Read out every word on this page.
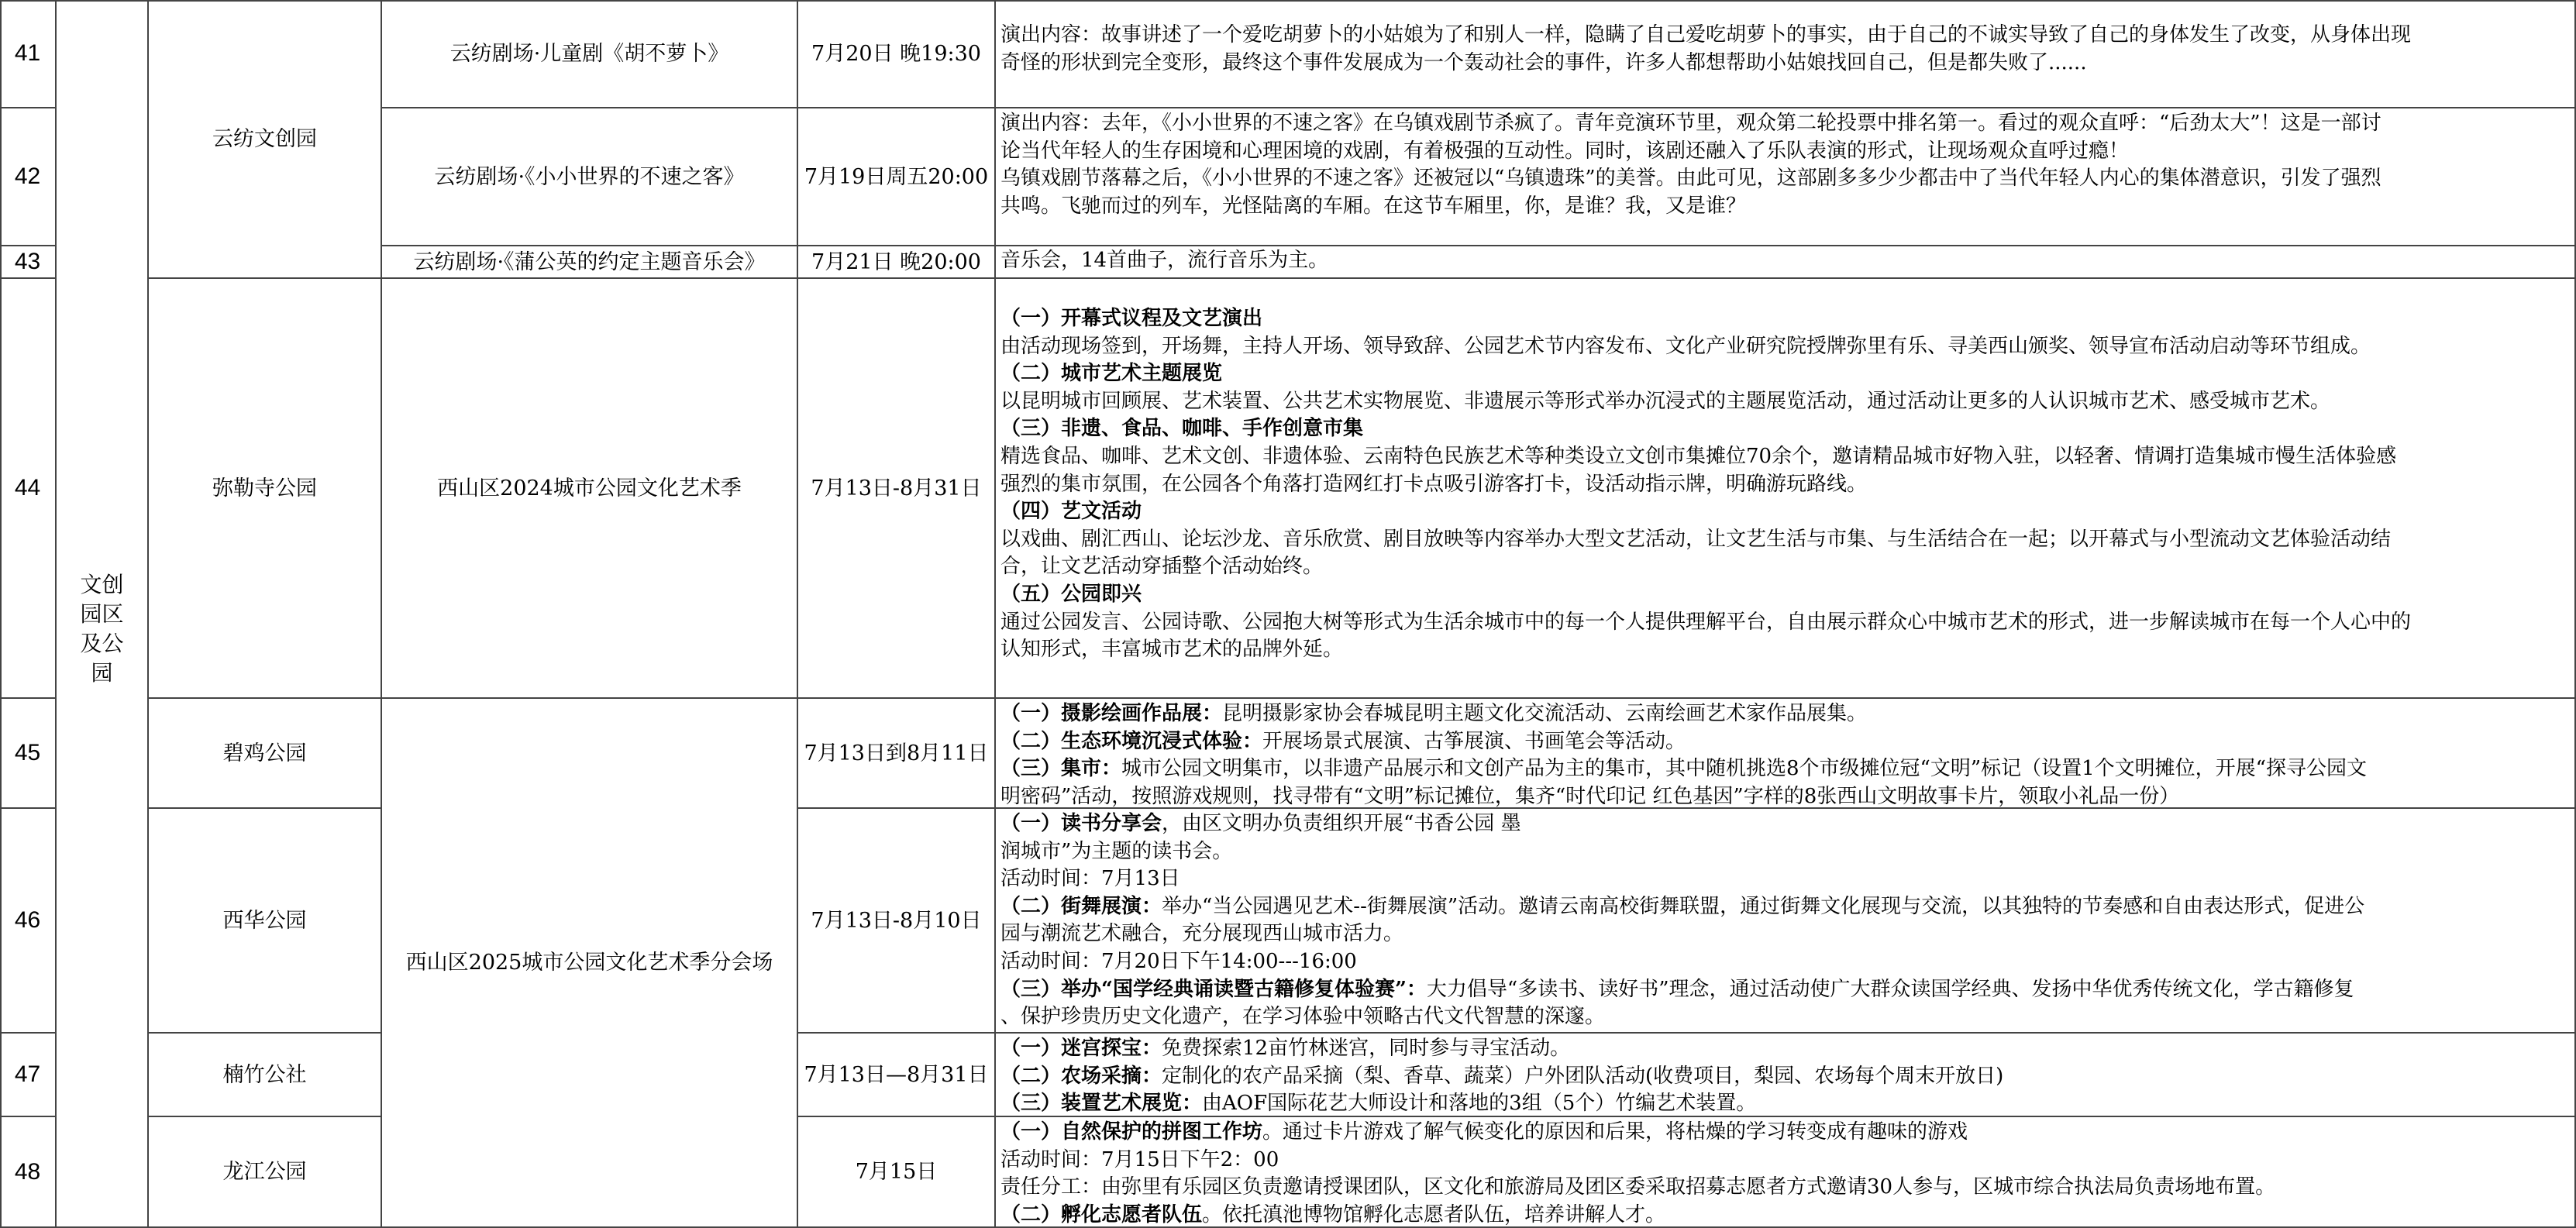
41
42
43
44
45
46
47
48
文创园区及公园
云纺文创园
弥勒寺公园
碧鸡公园
西华公园
楠竹公社
龙江公园
云纺剧场·儿童剧《胡不萝卜》
云纺剧场·《小小世界的不速之客》
云纺剧场·《蒲公英的约定主题音乐会》
西山区2024城市公园文化艺术季
西山区2025城市公园文化艺术季分会场
7月20日 晚19:30
7月19日周五20:00
7月21日 晚20:00
7月13日-8月31日
7月13日到8月11日
7月13日-8月10日
7月13日—8月31日
7月15日
演出内容：故事讲述了一个爱吃胡萝卜的小姑娘为了和别人一样，隐瞒了自己爱吃胡萝卜的事实，由于自己的不诚实导致了自己的身体发生了改变，从身体出现
奇怪的形状到完全变形，最终这个事件发展成为一个轰动社会的事件，许多人都想帮助小姑娘找回自己，但是都失败了......
演出内容：去年，《小小世界的不速之客》在乌镇戏剧节杀疯了。青年竞演环节里，观众第二轮投票中排名第一。看过的观众直呼：“后劲太大”！这是一部讨
论当代年轻人的生存困境和心理困境的戏剧，有着极强的互动性。同时，该剧还融入了乐队表演的形式，让现场观众直呼过瘾！
乌镇戏剧节落幕之后，《小小世界的不速之客》还被冠以“乌镇遗珠”的美誉。由此可见，这部剧多多少少都击中了当代年轻人内心的集体潜意识，引发了强烈
共鸣。飞驰而过的列车，光怪陆离的车厢。在这节车厢里，你，是谁？我，又是谁？
音乐会，14首曲子，流行音乐为主。
（一）开幕式议程及文艺演出
由活动现场签到，开场舞，主持人开场、领导致辞、公园艺术节内容发布、文化产业研究院授牌弥里有乐、寻美西山颁奖、领导宣布活动启动等环节组成。
（二）城市艺术主题展览
以昆明城市回顾展、艺术装置、公共艺术实物展览、非遗展示等形式举办沉浸式的主题展览活动，通过活动让更多的人认识城市艺术、感受城市艺术。
（三）非遗、食品、咖啡、手作创意市集
精选食品、咖啡、艺术文创、非遗体验、云南特色民族艺术等种类设立文创市集摊位70余个，邀请精品城市好物入驻，以轻奢、情调打造集城市慢生活体验感
强烈的集市氛围，在公园各个角落打造网红打卡点吸引游客打卡，设活动指示牌，明确游玩路线。
（四）艺文活动
以戏曲、剧汇西山、论坛沙龙、音乐欣赏、剧目放映等内容举办大型文艺活动，让文艺生活与市集、与生活结合在一起；以开幕式与小型流动文艺体验活动结
合，让文艺活动穿插整个活动始终。
（五）公园即兴
通过公园发言、公园诗歌、公园抱大树等形式为生活余城市中的每一个人提供理解平台，自由展示群众心中城市艺术的形式，进一步解读城市在每一个人心中的
认知形式，丰富城市艺术的品牌外延。
（一）摄影绘画作品展：昆明摄影家协会春城昆明主题文化交流活动、云南绘画艺术家作品展集。
（二）生态环境沉浸式体验：开展场景式展演、古筝展演、书画笔会等活动。
（三）集市：城市公园文明集市，以非遗产品展示和文创产品为主的集市，其中随机挑选8个市级摊位冠“文明”标记（设置1个文明摊位，开展“探寻公园文
明密码”活动，按照游戏规则，找寻带有“文明”标记摊位，集齐“时代印记 红色基因”字样的8张西山文明故事卡片，领取小礼品一份）
（一）读书分享会，由区文明办负责组织开展“书香公园 墨
润城市”为主题的读书会。
活动时间：7月13日
（二）街舞展演：举办“当公园遇见艺术--街舞展演”活动。邀请云南高校街舞联盟，通过街舞文化展现与交流，以其独特的节奏感和自由表达形式，促进公
园与潮流艺术融合，充分展现西山城市活力。
活动时间：7月20日下午14:00---16:00
（三）举办“国学经典诵读暨古籍修复体验赛”：大力倡导“多读书、读好书”理念，通过活动使广大群众读国学经典、发扬中华优秀传统文化，学古籍修复
、保护珍贵历史文化遗产，在学习体验中领略古代文代智慧的深邃。
（一）迷宫探宝：免费探索12亩竹林迷宫，同时参与寻宝活动。
（二）农场采摘：定制化的农产品采摘（梨、香草、蔬菜）户外团队活动(收费项目，梨园、农场每个周末开放日)
（三）装置艺术展览：由AOF国际花艺大师设计和落地的3组（5个）竹编艺术装置。
（一）自然保护的拼图工作坊。通过卡片游戏了解气候变化的原因和后果，将枯燥的学习转变成有趣味的游戏
活动时间：7月15日下午2：00
责任分工：由弥里有乐园区负责邀请授课团队，区文化和旅游局及团区委采取招募志愿者方式邀请30人参与，区城市综合执法局负责场地布置。
（二）孵化志愿者队伍。依托滇池博物馆孵化志愿者队伍，培养讲解人才。
